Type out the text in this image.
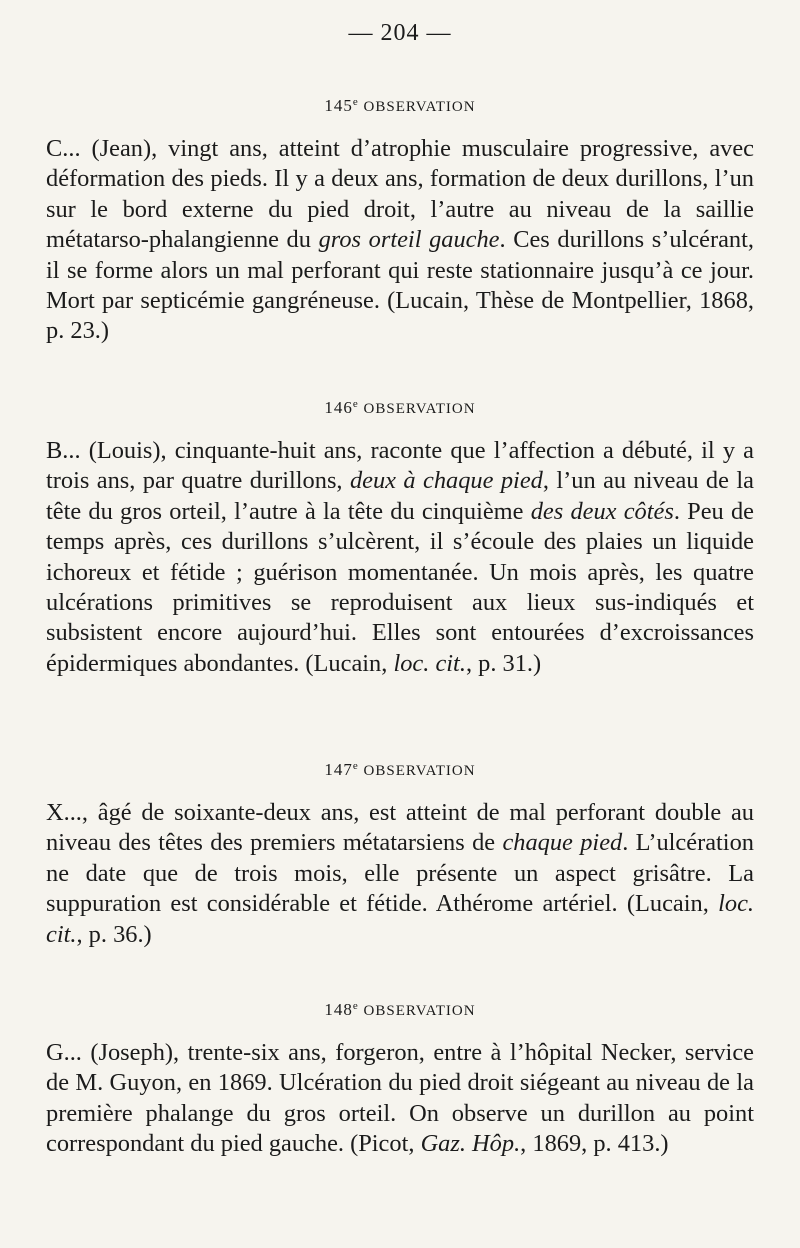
— 204 —
145e OBSERVATION
C... (Jean), vingt ans, atteint d’atrophie musculaire progressive, avec déformation des pieds. Il y a deux ans, formation de deux durillons, l’un sur le bord externe du pied droit, l’autre au niveau de la saillie métatarso-phalangienne du gros orteil gauche. Ces durillons s’ulcérant, il se forme alors un mal perforant qui reste stationnaire jusqu’à ce jour. Mort par septicémie gangréneuse. (Lucain, Thèse de Montpellier, 1868, p. 23.)
146e OBSERVATION
B... (Louis), cinquante-huit ans, raconte que l’affection a débuté, il y a trois ans, par quatre durillons, deux à chaque pied, l’un au niveau de la tête du gros orteil, l’autre à la tête du cinquième des deux côtés. Peu de temps après, ces durillons s’ulcèrent, il s’écoule des plaies un liquide ichoreux et fétide ; guérison momentanée. Un mois après, les quatre ulcérations primitives se reproduisent aux lieux sus-indiqués et subsistent encore aujourd’hui. Elles sont entourées d’excroissances épidermiques abondantes. (Lucain, loc. cit., p. 31.)
147e OBSERVATION
X..., âgé de soixante-deux ans, est atteint de mal perforant double au niveau des têtes des premiers métatarsiens de chaque pied. L’ulcération ne date que de trois mois, elle présente un aspect grisâtre. La suppuration est considérable et fétide. Athérome artériel. (Lucain, loc. cit., p. 36.)
148e OBSERVATION
G... (Joseph), trente-six ans, forgeron, entre à l’hôpital Necker, service de M. Guyon, en 1869. Ulcération du pied droit siégeant au niveau de la première phalange du gros orteil. On observe un durillon au point correspondant du pied gauche. (Picot, Gaz. Hôp., 1869, p. 413.)
